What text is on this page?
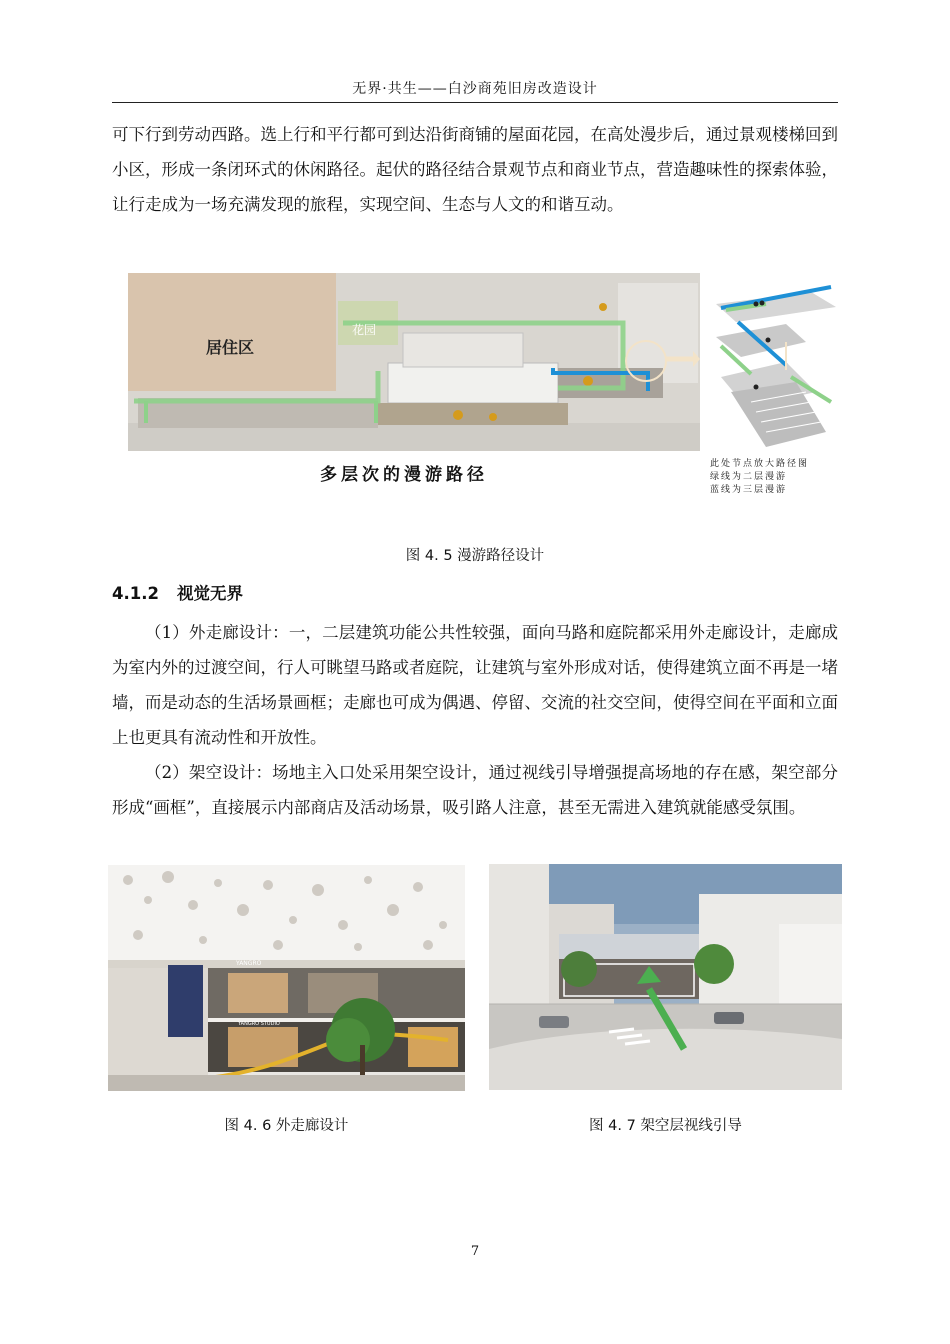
无界·共生——白沙商苑旧房改造设计

可下行到劳动西路。选上行和平行都可到达沿街商铺的屋面花园，在高处漫步后，通过景观楼梯回到小区，形成一条闭环式的休闲路径。起伏的路径结合景观节点和商业节点，营造趣味性的探索体验，让行走成为一场充满发现的旅程，实现空间、生态与人文的和谐互动。

居住区
花园
多层次的漫游路径
此处节点放大路径图
绿线为二层漫游
蓝线为三层漫游
图 4. 5 漫游路径设计
4.1.2 视觉无界

（1）外走廊设计：一，二层建筑功能公共性较强，面向马路和庭院都采用外走廊设计，走廊成为室内外的过渡空间，行人可眺望马路或者庭院，让建筑与室外形成对话，使得建筑立面不再是一堵墙，而是动态的生活场景画框；走廊也可成为偶遇、停留、交流的社交空间，使得空间在平面和立面上也更具有流动性和开放性。

（2）架空设计：场地主入口处采用架空设计，通过视线引导增强提高场地的存在感，架空部分形成“画框”，直接展示内部商店及活动场景，吸引路人注意，甚至无需进入建筑就能感受氛围。

YANGRO
YANGRO STUDIO
图 4. 6 外走廊设计	图 4. 7 架空层视线引导
7
